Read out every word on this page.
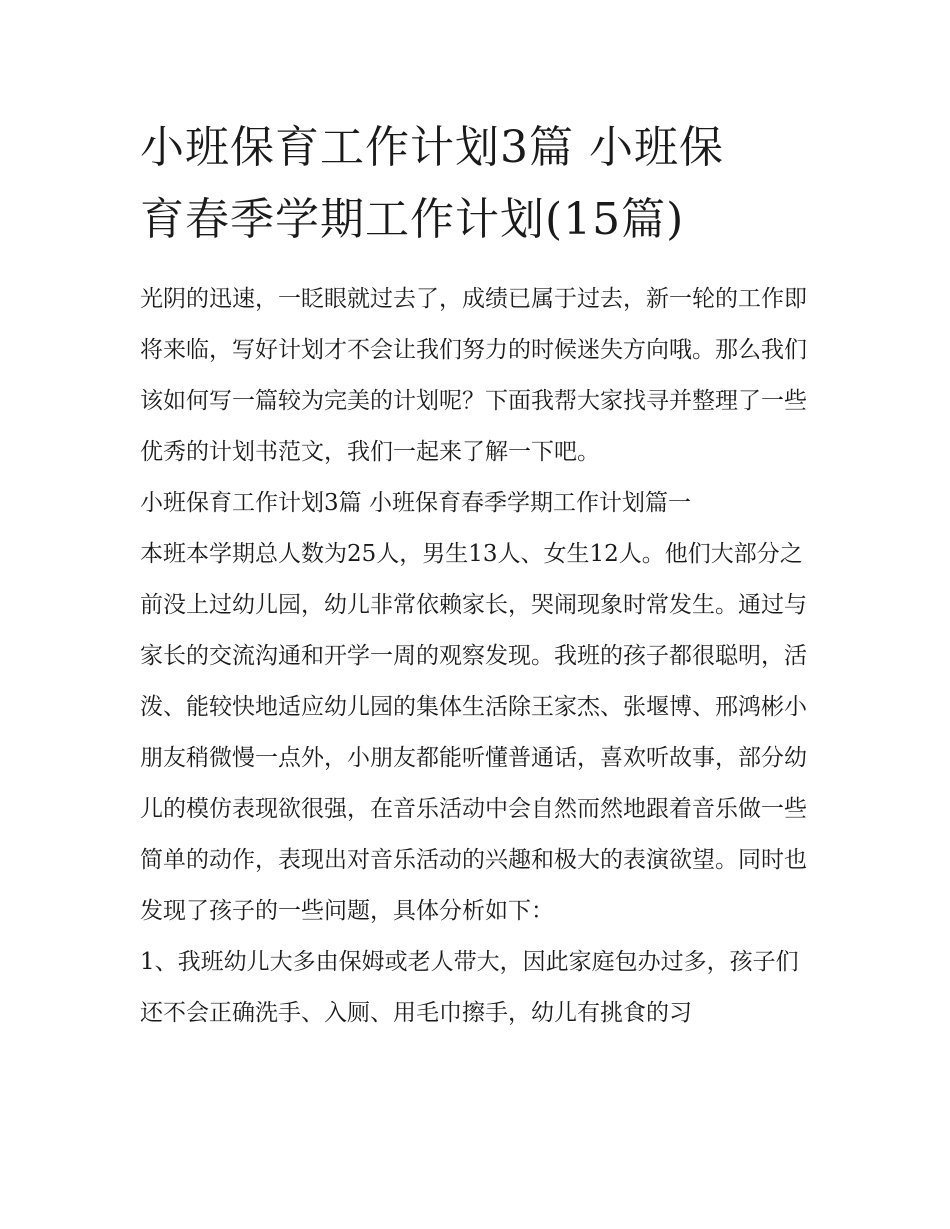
小班保育工作计划3篇 小班保
育春季学期工作计划(15篇)

光阴的迅速，一眨眼就过去了，成绩已属于过去，新一轮的工作即将来临，写好计划才不会让我们努力的时候迷失方向哦。那么我们该如何写一篇较为完美的计划呢？下面我帮大家找寻并整理了一些优秀的计划书范文，我们一起来了解一下吧。

小班保育工作计划3篇 小班保育春季学期工作计划篇一

本班本学期总人数为25人，男生13人、女生12人。他们大部分之前没上过幼儿园，幼儿非常依赖家长，哭闹现象时常发生。通过与家长的交流沟通和开学一周的观察发现。我班的孩子都很聪明，活泼、能较快地适应幼儿园的集体生活除王家杰、张堰博、邢鸿彬小朋友稍微慢一点外，小朋友都能听懂普通话，喜欢听故事，部分幼儿的模仿表现欲很强，在音乐活动中会自然而然地跟着音乐做一些简单的动作，表现出对音乐活动的兴趣和极大的表演欲望。同时也发现了孩子的一些问题，具体分析如下：

1、我班幼儿大多由保姆或老人带大，因此家庭包办过多，孩子们还不会正确洗手、入厕、用毛巾擦手，幼儿有挑食的习
